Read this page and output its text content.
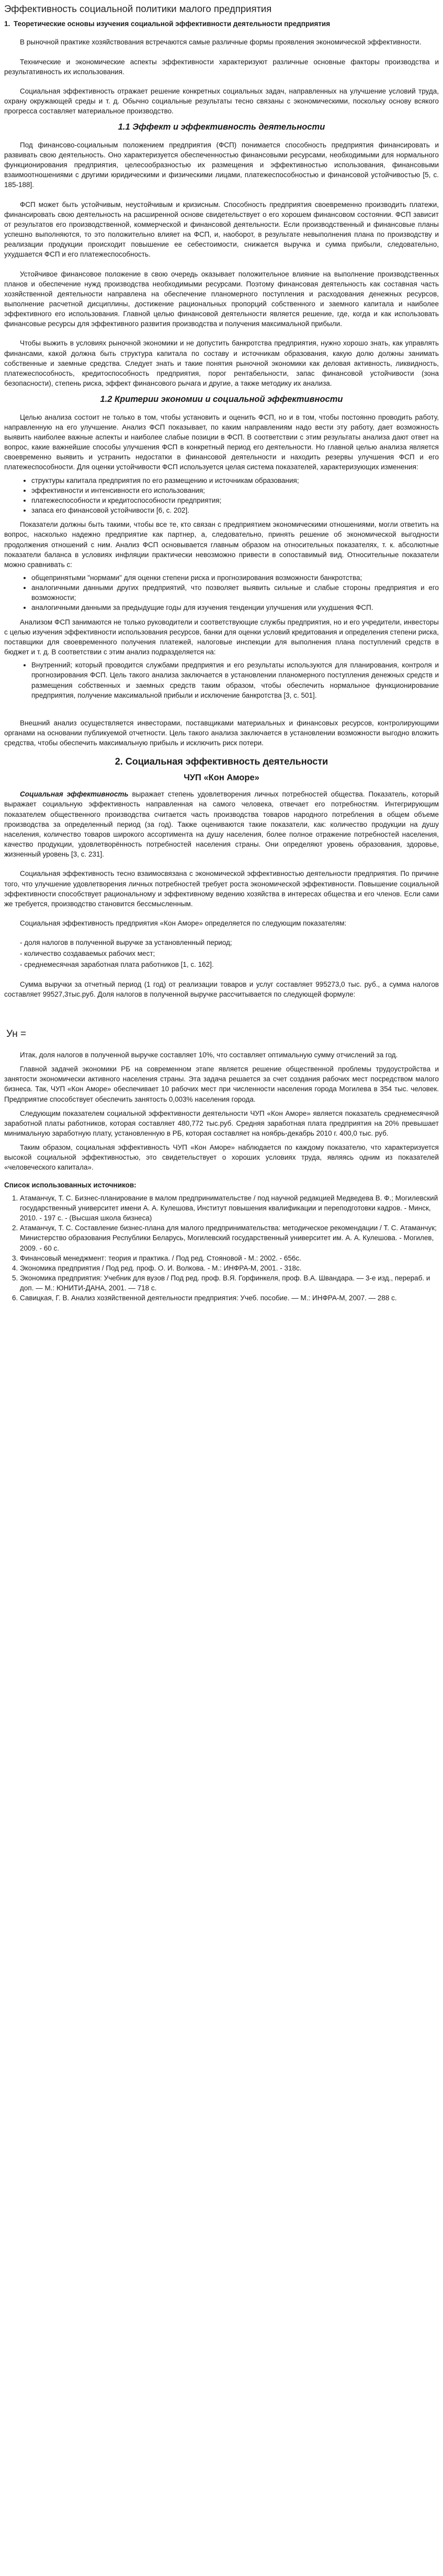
Эффективность социальной политики малого предприятия
1. Теоретические основы изучения социальной эффективности деятельности предприятия

В рыночной практике хозяйствования встречаются самые различные формы проявления экономической эффективности.

Технические и экономические аспекты эффективности характеризуют различные основные факторы производства и результативность их использования.

Социальная эффективность отражает решение конкретных социальных задач, направленных на улучшение условий труда, охрану окружающей среды и т. д. Обычно социальные результаты тесно связаны с экономическими, поскольку основу всякого прогресса составляет материальное производство.

1.1 Эффект и эффективность деятельности

Под финансово-социальным положением предприятия (ФСП) понимается способность предприятия финансировать и развивать свою деятельность. Оно характеризуется обеспеченностью финансовыми ресурсами, необходимыми для нормального функционирования предприятия, целесообразностью их размещения и эффективностью использования, финансовыми взаимоотношениями с другими юридическими и физическими лицами, платежеспособностью и финансовой устойчивостью [5, с. 185-188].

ФСП может быть устойчивым, неустойчивым и кризисным. Способность предприятия своевременно производить платежи, финансировать свою деятельность на расширенной основе свидетельствует о его хорошем финансовом состоянии. ФСП зависит от результатов его производственной, коммерческой и финансовой деятельности. Если производственный и финансовые планы успешно выполняются, то это положительно влияет на ФСП, и, наоборот, в результате невыполнения плана по производству и реализации продукции происходит повышение ее себестоимости, снижается выручка и сумма прибыли, следовательно, ухудшается ФСП и его платежеспособность.

Устойчивое финансовое положение в свою очередь оказывает положительное влияние на выполнение производственных планов и обеспечение нужд производства необходимыми ресурсами. Поэтому финансовая деятельность как составная часть хозяйственной деятельности направлена на обеспечение планомерного поступления и расходования денежных ресурсов, выполнение расчетной дисциплины, достижение рациональных пропорций собственного и заемного капитала и наиболее эффективного его использования. Главной целью финансовой деятельности является решение, где, когда и как использовать финансовые ресурсы для эффективного развития производства и получения максимальной прибыли.

Чтобы выжить в условиях рыночной экономики и не допустить банкротства предприятия, нужно хорошо знать, как управлять финансами, какой должна быть структура капитала по составу и источникам образования, какую долю должны занимать собственные и заемные средства. Следует знать и такие понятия рыночной экономики как деловая активность, ликвидность, платежеспособность, кредитоспособность предприятия, порог рентабельности, запас финансовой устойчивости (зона безопасности), степень риска, эффект финансового рычага и другие, а также методику их анализа.

1.2 Критерии экономии и социальной эффективности

Целью анализа состоит не только в том, чтобы установить и оценить ФСП, но и в том, чтобы постоянно проводить работу, направленную на его улучшение. Анализ ФСП показывает, по каким направлениям надо вести эту работу, дает возможность выявить наиболее важные аспекты и наиболее слабые позиции в ФСП. В соответствии с этим результаты анализа дают ответ на вопрос, какие важнейшие способы улучшения ФСП в конкретный период его деятельности. Но главной целью анализа является своевременно выявить и устранить недостатки в финансовой деятельности и находить резервы улучшения ФСП и его платежеспособности. Для оценки устойчивости ФСП используется целая система показателей, характеризующих изменения:

• структуры капитала предприятия по его размещению и источникам образования;
• эффективности и интенсивности его использования;
• платежеспособности и кредитоспособности предприятия;
• запаса его финансовой устойчивости [6, с. 202].

Показатели должны быть такими, чтобы все те, кто связан с предприятием экономическими отношениями, могли ответить на вопрос, насколько надежно предприятие как партнер, а, следовательно, принять решение об экономической выгодности продолжения отношений с ним. Анализ ФСП основывается главным образом на относительных показателях, т. к. абсолютные показатели баланса в условиях инфляции практически невозможно привести в сопоставимый вид. Относительные показатели можно сравнивать с:

• общепринятыми "нормами" для оценки степени риска и прогнозирования возможности банкротства;
• аналогичными данными других предприятий, что позволяет выявить сильные и слабые стороны предприятия и его возможности;
• аналогичными данными за предыдущие годы для изучения тенденции улучшения или ухудшения ФСП.

Анализом ФСП занимаются не только руководители и соответствующие службы предприятия, но и его учредители, инвесторы с целью изучения эффективности использования ресурсов, банки для оценки условий кредитования и определения степени риска, поставщики для своевременного получения платежей, налоговые инспекции для выполнения плана поступлений средств в бюджет и т. д. В соответствии с этим анализ подразделяется на:

• Внутренний; который проводится службами предприятия и его результаты используются для планирования, контроля и прогнозирования ФСП. Цель такого анализа заключается в установлении планомерного поступления денежных средств и размещения собственных и заемных средств таким образом, чтобы обеспечить нормальное функционирование предприятия, получение максимальной прибыли и исключение банкротства [3, с. 501].

Внешний анализ осуществляется инвесторами, поставщиками материальных и финансовых ресурсов, контролирующими органами на основании публикуемой отчетности. Цель такого анализа заключается в установлении возможности выгодно вложить средства, чтобы обеспечить максимальную прибыль и исключить риск потери.

2. Социальная эффективность деятельности
ЧУП «Кон Аморе»

Социальная эффективность выражает степень удовлетворения личных потребностей общества. Показатель, который выражает социальную эффективность направленная на самого человека, отвечает его потребностям. Интегрирующим показателем общественного производства считается часть производства товаров народного потребления в общем объеме производства за определенный период (за год). Также оцениваются такие показатели, как: количество продукции на душу населения, количество товаров широкого ассортимента на душу населения, более полное отражение потребностей населения, качество продукции, удовлетворённость потребностей населения страны. Они определяют уровень образования, здоровье, жизненный уровень [3, с. 231].

Социальная эффективность тесно взаимосвязана с экономической эффективностью деятельности предприятия. По причине того, что улучшение удовлетворения личных потребностей требует роста экономической эффективности. Повышение социальной эффективности способствует рациональному и эффективному ведению хозяйства в интересах общества и его членов. Если сами же требуется, производство становится бессмысленным.

Социальная эффективность предприятия «Кон Аморе» определяется по следующим показателям:

- доля налогов в полученной выручке за установленный период;
- количество создаваемых рабочих мест;
- среднемесячная заработная плата работников [1, с. 162].

Сумма выручки за отчетный период (1 год) от реализации товаров и услуг составляет 995273,0 тыс. руб., а сумма налогов составляет 99527,3тыс.руб. Доля налогов в полученной выручке рассчитывается по следующей формуле:

Ун =

Итак, доля налогов в полученной выручке составляет 10%, что составляет оптимальную сумму отчислений за год.

Главной задачей экономики РБ на современном этапе является решение общественной проблемы трудоустройства и занятости экономически активного населения страны. Эта задача решается за счет создания рабочих мест посредством малого бизнеса. Так, ЧУП «Кон Аморе» обеспечивает 10 рабочих мест при численности населения города Могилева в 354 тыс. человек. Предприятие способствует обеспечить занятость 0,003% населения города.

Следующим показателем социальной эффективности деятельности ЧУП «Кон Аморе» является показатель среднемесячной заработной платы работников, которая составляет 480,772 тыс.руб. Средняя заработная плата предприятия на 20% превышает минимальную заработную плату, установленную в РБ, которая составляет на ноябрь-декабрь 2010 г. 400,0 тыс. руб.

Таким образом, социальная эффективность ЧУП «Кон Аморе» наблюдается по каждому показателю, что характеризуется высокой социальной эффективностью, это свидетельствует о хороших условиях труда, являясь одним из показателей «человеческого капитала».

Список использованных источников:
1. Атаманчук, Т. С. Бизнес-планирование в малом предпринимательстве / под научной редакцией Медведева В. Ф.; Могилевский государственный университет имени А. А. Кулешова, Институт повышения квалификации и переподготовки кадров. - Минск, 2010. - 197 с. - (Высшая школа бизнеса)
2. Атаманчук, Т. С. Составление бизнес-плана для малого предпринимательства: методическое рекомендации / Т. С. Атаманчук; Министерство образования Республики Беларусь, Могилевский государственный университет им. А. А. Кулешова. - Могилев, 2009. - 60 с.
3. Финансовый менеджмент: теория и практика. / Под ред. Стояновой - М.: 2002. - 656с.
4. Экономика предприятия / Под ред. проф. О. И. Волкова. - М.: ИНФРА-М, 2001. - 318с.
5. Экономика предприятия: Учебник для вузов / Под ред. проф. В.Я. Горфинкеля, проф. В.А. Швандара. — 3-е изд., перераб. и доп. — М.: ЮНИТИ-ДАНА, 2001. — 718 с.
6. Савицкая, Г. В. Анализ хозяйственной деятельности предприятия: Учеб. пособие. — М.: ИНФРА-М, 2007. — 288 с.
